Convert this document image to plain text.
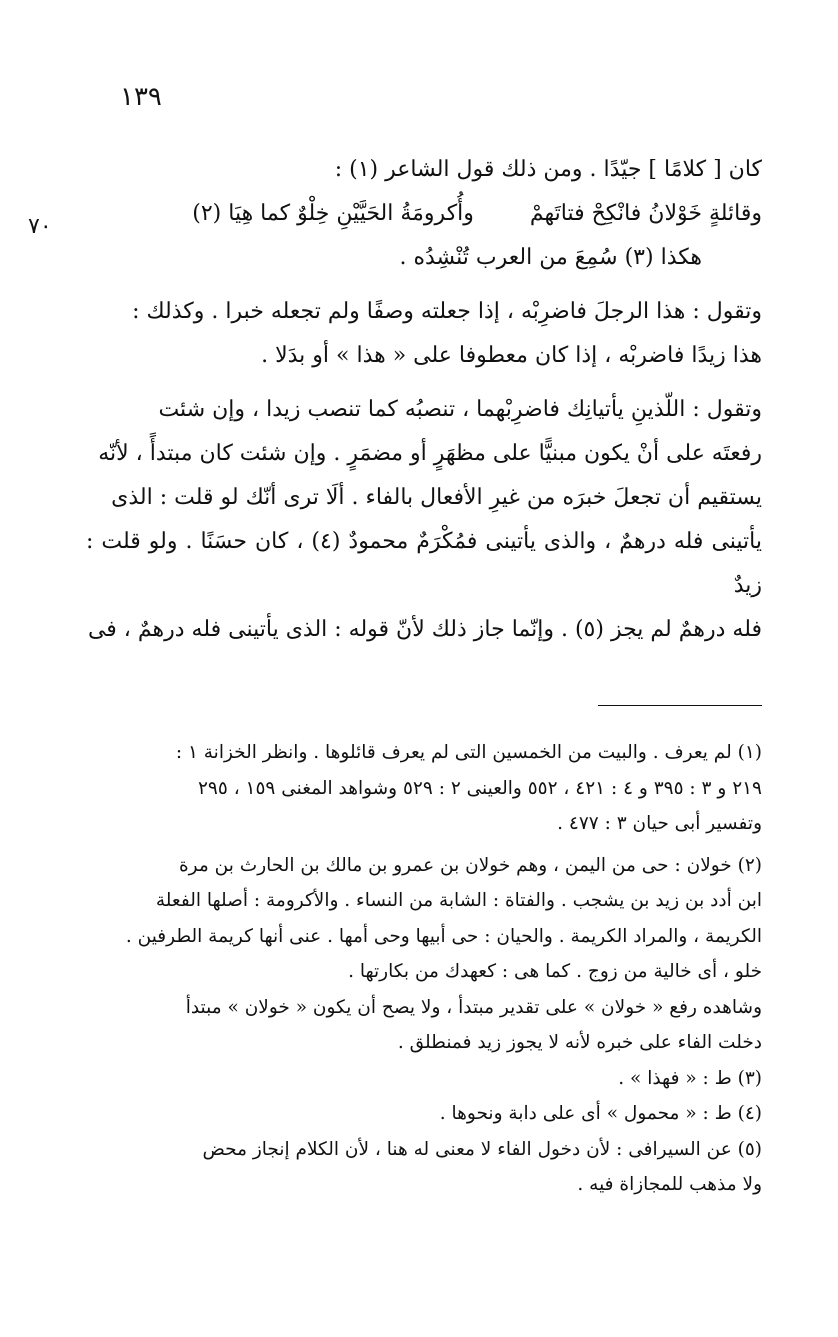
١٣٩
٧٠

كان [ كلامًا ] جيّدًا . ومن ذلك قول الشاعر (١) :

وقائلةٍ خَوْلانُ فانْكِحْ فتاتَهمْ        وأُكرومَةُ الحَيَّيْنِ خِلْوٌ كما هِيَا (٢)

هكذا (٣) سُمِعَ من العرب تُنْشِدُه .

وتقول : هذا الرجلَ فاضرِبْه ، إذا جعلته وصفًا ولم تجعله خبرا . وكذلك :

هذا زيدًا فاضربْه ، إذا كان معطوفا على « هذا » أو بدَلا .

وتقول : اللّذينِ يأتيانِك فاضرِبْهما ، تنصبُه كما تنصب زيدا ، وإن شئت

رفعتَه على أنْ يكون مبنيًّا على مظهَرٍ أو مضمَرٍ . وإن شئت كان مبتدأً ، لأنّه

يستقيم أن تجعلَ خبرَه من غيرِ الأفعال بالفاء . ألَا ترى أنّك لو قلت : الذى

يأتينى فله درهمٌ ، والذى يأتينى فمُكْرَمٌ محمودٌ (٤) ، كان حسَنًا . ولو قلت : زيدٌ

فله درهمٌ لم يجز (٥) . وإنّما جاز ذلك لأنّ قوله : الذى يأتينى فله درهمٌ ، فى

(١) لم يعرف . والبيت من الخمسين التى لم يعرف قائلوها . وانظر الخزانة ١ :

٢١٩ و ٣ : ٣٩٥ و ٤ : ٤٢١ ، ٥٥٢ والعينى ٢ : ٥٢٩ وشواهد المغنى ١٥٩ ، ٢٩٥

وتفسير أبى حيان ٣ : ٤٧٧ .

(٢) خولان : حى من اليمن ، وهم خولان بن عمرو بن مالك بن الحارث بن مرة

ابن أدد بن زيد بن يشجب . والفتاة : الشابة من النساء . والأكرومة : أصلها الفعلة

الكريمة ، والمراد الكريمة . والحيان : حى أبيها وحى أمها . عنى أنها كريمة الطرفين .

خلو ، أى خالية من زوج . كما هى : كعهدك من بكارتها .

وشاهده رفع « خولان » على تقدير مبتدأ ، ولا يصح أن يكون « خولان » مبتدأ

دخلت الفاء على خبره لأنه لا يجوز زيد فمنطلق .

(٣) ط : « فهذا » .

(٤) ط : « محمول » أى على دابة ونحوها .

(٥) عن السيرافى : لأن دخول الفاء لا معنى له هنا ، لأن الكلام إنجاز محض

ولا مذهب للمجازاة فيه .
